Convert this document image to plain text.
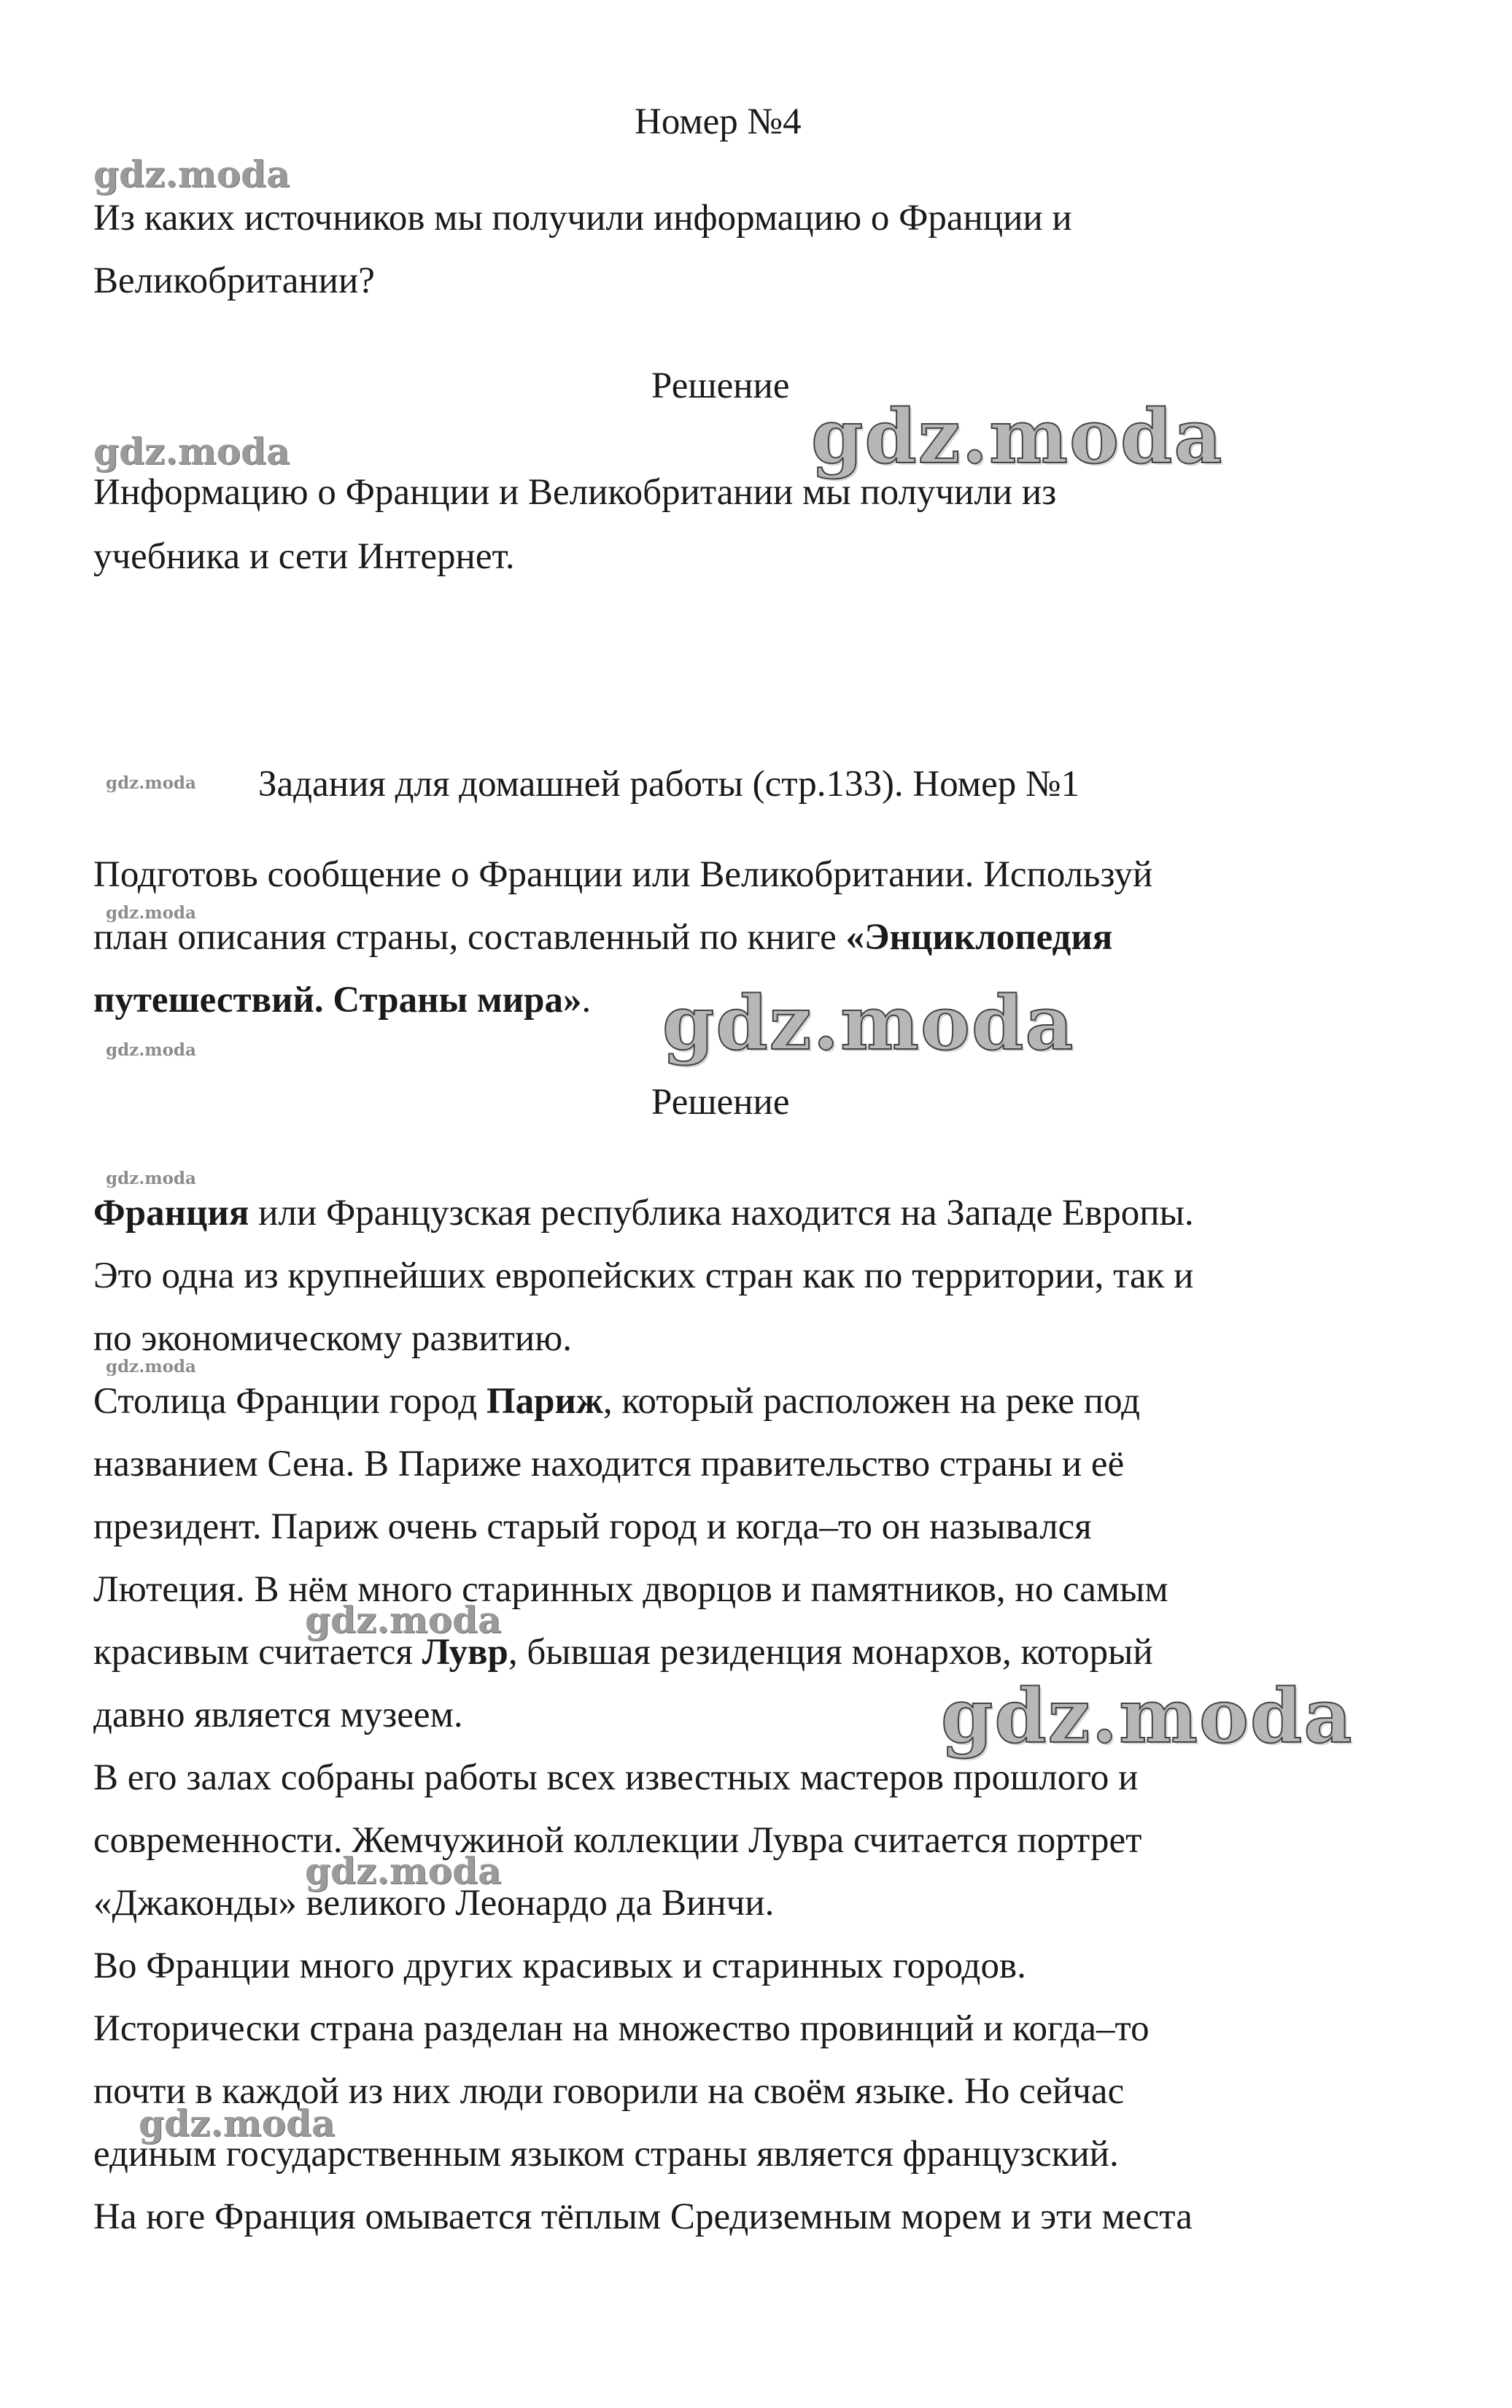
Номер №4
Из каких источников мы получили информацию о Франции и
Великобритании?
Решение
Информацию о Франции и Великобритании мы получили из
учебника и сети Интернет.
Задания для домашней работы (стр.133). Номер №1
Подготовь сообщение о Франции или Великобритании. Используй
план описания страны, составленный по книге «Энциклопедия
путешествий. Страны мира».
Решение
Франция или Французская республика находится на Западе Европы.
Это одна из крупнейших европейских стран как по территории, так и
по экономическому развитию.
Столица Франции город Париж, который расположен на реке под
названием Сена. В Париже находится правительство страны и её
президент. Париж очень старый город и когда–то он назывался
Лютеция. В нём много старинных дворцов и памятников, но самым
красивым считается Лувр, бывшая резиденция монархов, который
давно является музеем.
В его залах собраны работы всех известных мастеров прошлого и
современности. Жемчужиной коллекции Лувра считается портрет
«Джаконды» великого Леонардо да Винчи.
Во Франции много других красивых и старинных городов.
Исторически страна разделан на множество провинций и когда–то
почти в каждой из них люди говорили на своём языке. Но сейчас
единым государственным языком страны является французский.
На юге Франция омывается тёплым Средиземным морем и эти места
gdz.moda
gdz.moda	gdz.moda
gdz.moda
gdz.moda
gdz.moda
gdz.moda
gdz.moda
gdz.moda
gdz.moda
gdz.moda
gdz.moda
gdz.moda
